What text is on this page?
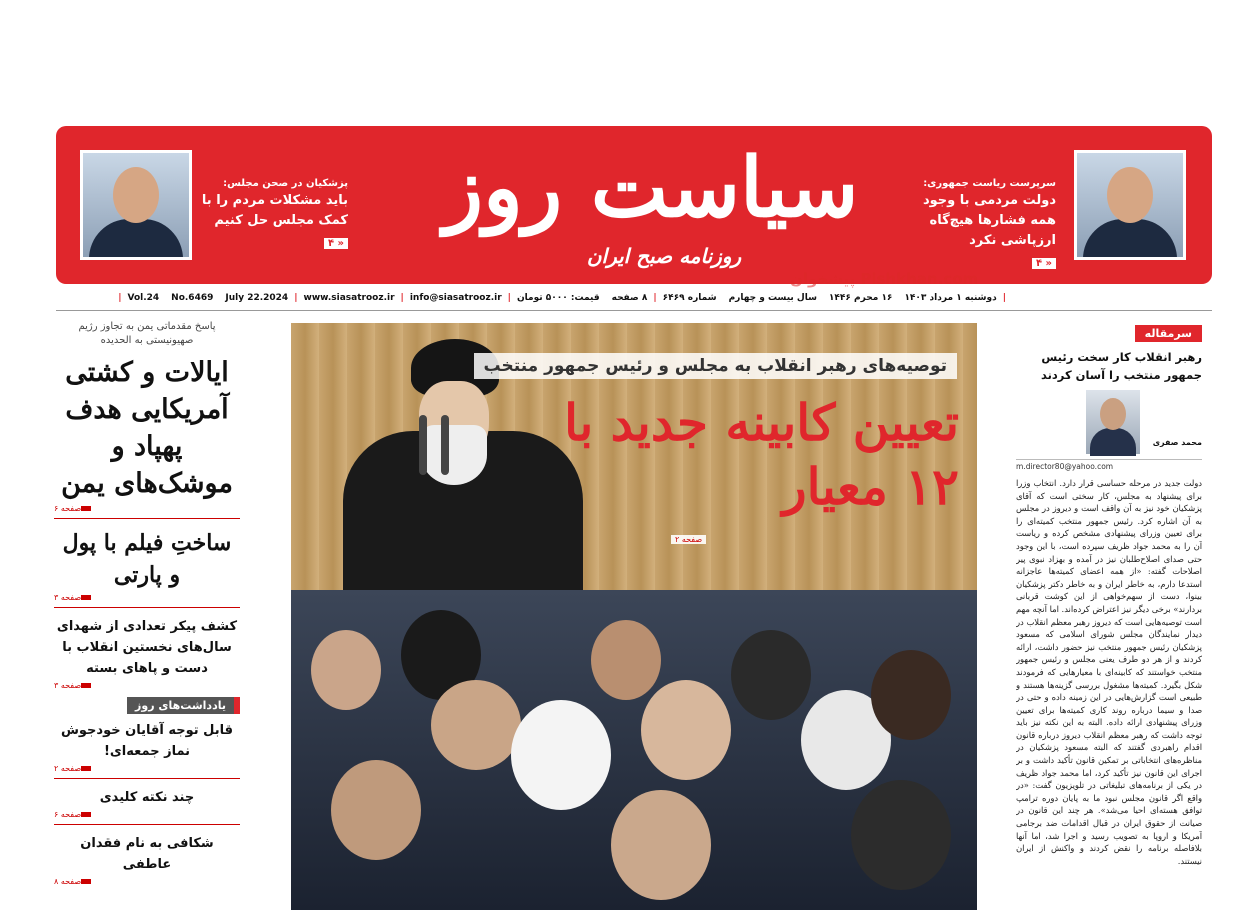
سرپرست ریاست جمهوری:
دولت مردمی با وجود همه فشارها هیچ‌گاه ارزپاشی نکرد
« ۴
سیاست روز
روزنامه صبح ایران
پزشکیان در صحن مجلس:
باید مشکلات مردم را با کمک مجلس حل کنیم
« ۴
پیشخوان Pishkhan.com
|
دوشنبه ۱ مرداد ۱۴۰۳
۱۶ محرم ۱۴۴۶
سال بیست و چهارم
شماره ۶۴۶۹
|
۸ صفحه
قیمت: ۵۰۰۰ تومان
|
info@siasatrooz.ir
|
www.siasatrooz.ir
|
July 22.2024
No.6469
Vol.24
|
پاسخ مقدماتی یمن به تجاوز رژیم صهیونیستی به الحدیده
ایالات و کشتی آمریکایی هدف پهپاد و موشک‌های یمن
صفحه ۶
ساختِ فیلم با پول و پارتی
صفحه ۳
کشف پیکر تعدادی از شهدای سال‌های نخستین انقلاب با دست و پاهای بسته
صفحه ۳
یادداشت‌های روز
قابل توجه آقایان خودجوش نماز جمعه‌ای!
صفحه ۲
چند نکته کلیدی
صفحه ۶
شکافی به نام فقدان عاطفی
صفحه ۸
توصیه‌های رهبر انقلاب به مجلس و رئیس جمهور منتخب
تعیین کابینه جدید با ۱۲ معیار
صفحه ۲
سرمقاله
رهبر انقلاب کار سخت رئیس جمهور منتخب را آسان کردند
محمد صفری
m.director80@yahoo.com
دولت جدید در مرحله حساسی قرار دارد. انتخاب وزرا برای پیشنهاد به مجلس، کار سختی است که آقای پزشکیان خود نیز به آن واقف است و دیروز در مجلس به آن اشاره کرد. رئیس جمهور منتخب کمیته‌ای را برای تعیین وزرای پیشنهادی مشخص کرده و ریاست آن را به محمد جواد ظریف سپرده است، با این وجود حتی صدای اصلاح‌طلبان نیز در آمده و بهزاد نبوی پیر اصلاحات گفته: «از همه اعضای کمیته‌ها عاجزانه استدعا دارم، به خاطر ایران و به خاطر دکتر پزشکیان بینوا، دست از سهم‌خواهی از این کوشت قربانی بردارند» برخی دیگر نیز اعتراض کرده‌اند. اما آنچه مهم است توصیه‌هایی است که دیروز رهبر معظم انقلاب در دیدار نمایندگان مجلس شورای اسلامی که مسعود پزشکیان رئیس جمهور منتخب نیز حضور داشت، ارائه کردند و از هر دو طرف یعنی مجلس و رئیس جمهور منتخب خواستند که کابینه‌ای با معیارهایی که فرمودند شکل بگیرد. کمیته‌ها مشغول بررسی گزینه‌ها هستند و طبیعی است گزارش‌هایی در این زمینه داده و حتی در صدا و سیما درباره روند کاری کمیته‌ها برای تعیین وزرای پیشنهادی ارائه داده. البته به این نکته نیز باید توجه داشت که رهبر معظم انقلاب دیروز درباره قانون اقدام راهبردی گفتند که البته مسعود پزشکیان در مناظره‌های انتخاباتی بر تمکین قانون تأکید داشت و بر اجرای این قانون نیز تأکید کرد، اما محمد جواد ظریف در یکی از برنامه‌های تبلیغاتی در تلویزیون گفت: «در واقع اگر قانون مجلس نبود ما به پایان دوره ترامپ توافق هسته‌ای احیا می‌شد». هر چند این قانون در صیانت از حقوق ایران در قبال اقدامات ضد برجامی آمریکا و اروپا به تصویب رسید و اجرا شد، اما آنها بلافاصله برنامه را نقض کردند و واکنش از ایران نیستند.
